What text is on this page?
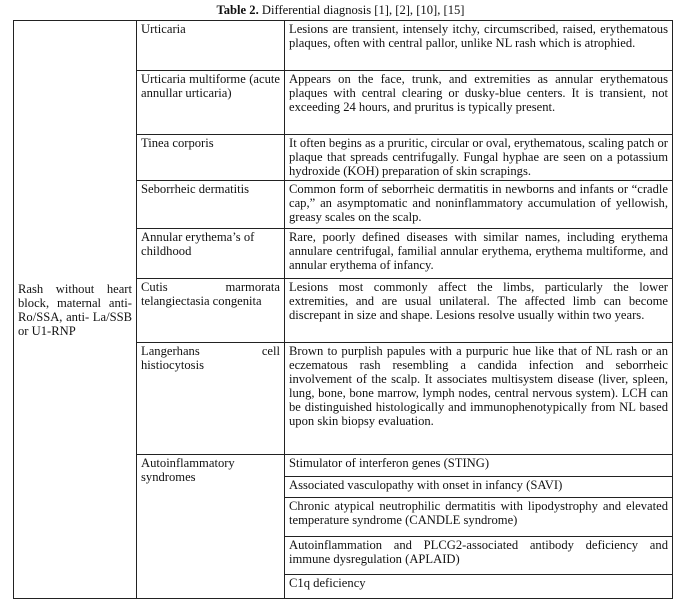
Table 2. Differential diagnosis [1], [2], [10], [15]
Rash without heart block, maternal anti- Ro/SSA, anti- La/SSB or U1-RNP	Urticaria	Lesions are transient, intensely itchy, circumscribed, raised, erythematous plaques, often with central pallor, unlike NL rash which is atrophied.
	Urticaria multiforme (acute annullar urticaria)	Appears on the face, trunk, and extremities as annular erythematous plaques with central clearing or dusky-blue centers. It is transient, not exceeding 24 hours, and pruritus is typically present.
	Tinea corporis	It often begins as a pruritic, circular or oval, erythematous, scaling patch or plaque that spreads centrifugally. Fungal hyphae are seen on a potassium hydroxide (KOH) preparation of skin scrapings.
	Seborrheic dermatitis	Common form of seborrheic dermatitis in newborns and infants or “cradle cap,” an asymptomatic and noninflammatory accumulation of yellowish, greasy scales on the scalp.
	Annular erythema’s of childhood	Rare, poorly defined diseases with similar names, including erythema annulare centrifugal, familial annular erythema, erythema multiforme, and annular erythema of infancy.
	Cutis marmorata telangiectasia congenita	Lesions most commonly affect the limbs, particularly the lower extremities, and are usual unilateral. The affected limb can become discrepant in size and shape. Lesions resolve usually within two years.
	Langerhans cell histiocytosis	Brown to purplish papules with a purpuric hue like that of NL rash or an eczematous rash resembling a candida infection and seborrheic involvement of the scalp. It associates multisystem disease (liver, spleen, lung, bone, bone marrow, lymph nodes, central nervous system). LCH can be distinguished histologically and immunophenotypically from NL based upon skin biopsy evaluation.
	Autoinflammatory syndromes	Stimulator of interferon genes (STING)
		Associated vasculopathy with onset in infancy (SAVI)
		Chronic atypical neutrophilic dermatitis with lipodystrophy and elevated temperature syndrome (CANDLE syndrome)
		Autoinflammation and PLCG2-associated antibody deficiency and immune dysregulation (APLAID)
		C1q deficiency
